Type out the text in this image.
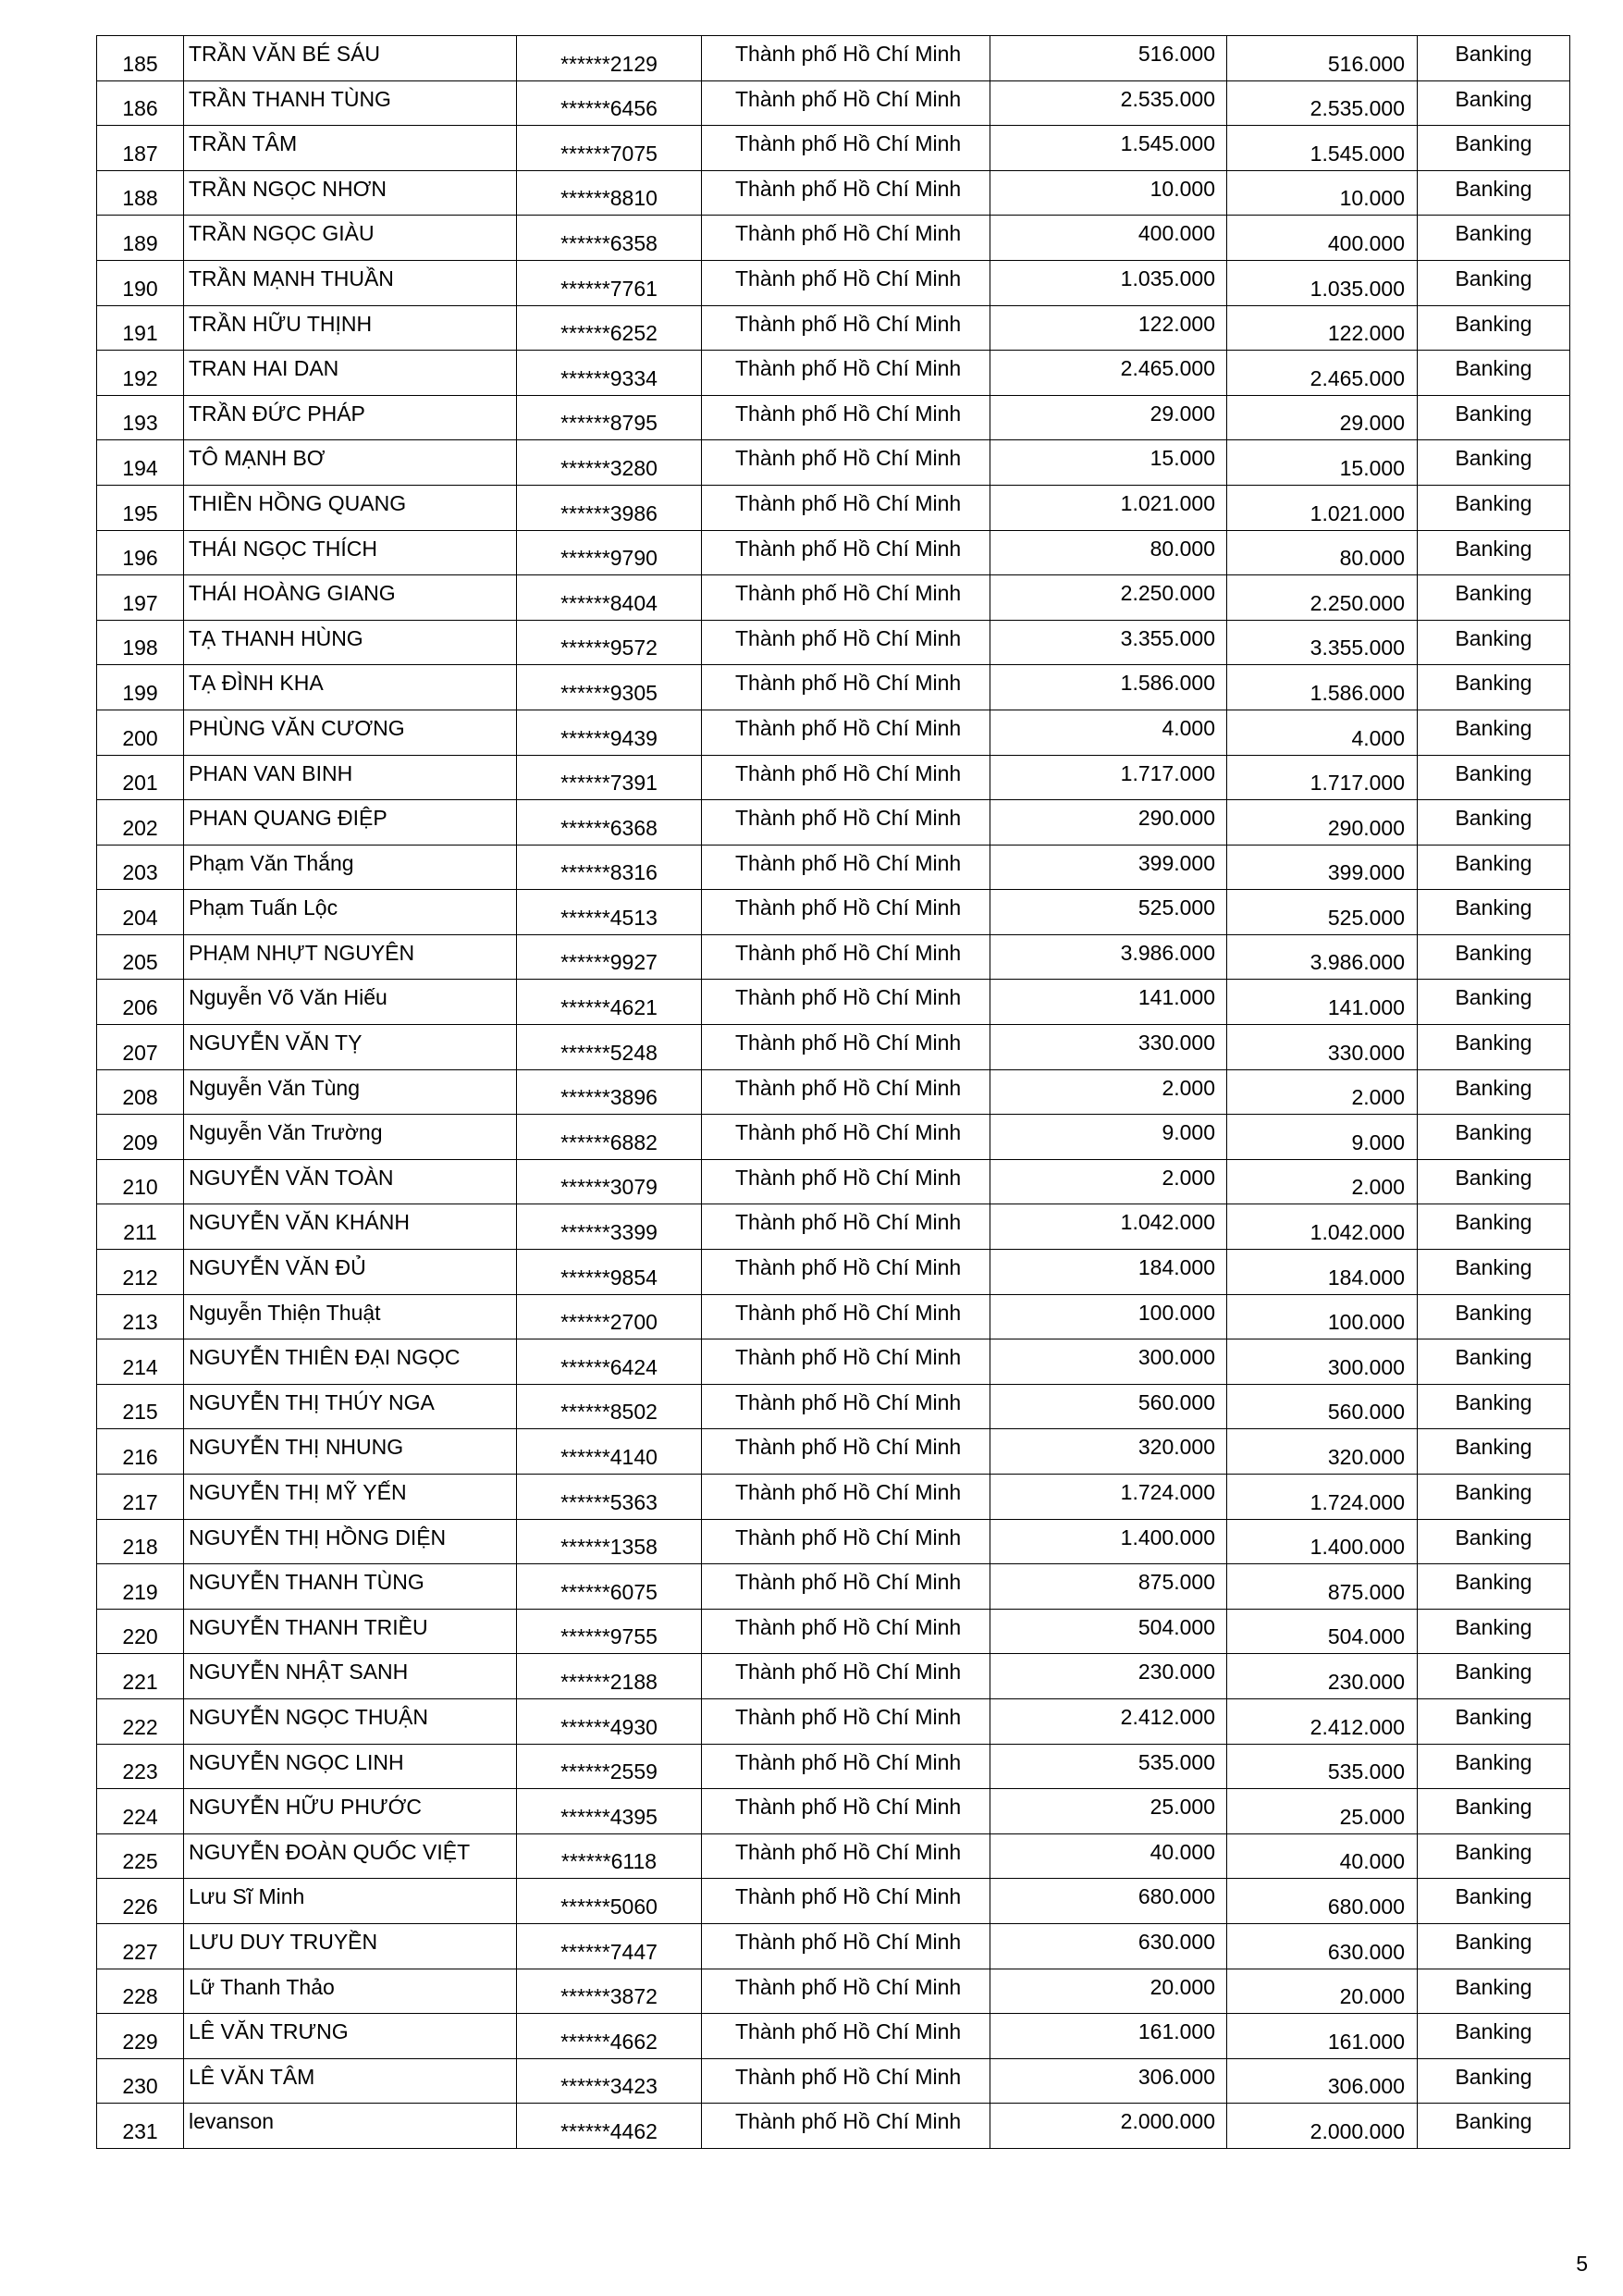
185	TRẦN VĂN BÉ SÁU	******2129	Thành phố Hồ Chí Minh	516.000	516.000	Banking
186	TRẦN THANH TÙNG	******6456	Thành phố Hồ Chí Minh	2.535.000	2.535.000	Banking
187	TRẦN TÂM	******7075	Thành phố Hồ Chí Minh	1.545.000	1.545.000	Banking
188	TRẦN NGỌC NHƠN	******8810	Thành phố Hồ Chí Minh	10.000	10.000	Banking
189	TRẦN NGỌC GIÀU	******6358	Thành phố Hồ Chí Minh	400.000	400.000	Banking
190	TRẦN MẠNH THUẦN	******7761	Thành phố Hồ Chí Minh	1.035.000	1.035.000	Banking
191	TRẦN HỮU THỊNH	******6252	Thành phố Hồ Chí Minh	122.000	122.000	Banking
192	TRAN HAI DAN	******9334	Thành phố Hồ Chí Minh	2.465.000	2.465.000	Banking
193	TRẦN ĐỨC PHÁP	******8795	Thành phố Hồ Chí Minh	29.000	29.000	Banking
194	TÔ MẠNH BƠ	******3280	Thành phố Hồ Chí Minh	15.000	15.000	Banking
195	THIỀN HỒNG QUANG	******3986	Thành phố Hồ Chí Minh	1.021.000	1.021.000	Banking
196	THÁI NGỌC THÍCH	******9790	Thành phố Hồ Chí Minh	80.000	80.000	Banking
197	THÁI HOÀNG GIANG	******8404	Thành phố Hồ Chí Minh	2.250.000	2.250.000	Banking
198	TẠ THANH HÙNG	******9572	Thành phố Hồ Chí Minh	3.355.000	3.355.000	Banking
199	TẠ ĐÌNH KHA	******9305	Thành phố Hồ Chí Minh	1.586.000	1.586.000	Banking
200	PHÙNG VĂN CƯƠNG	******9439	Thành phố Hồ Chí Minh	4.000	4.000	Banking
201	PHAN VAN BINH	******7391	Thành phố Hồ Chí Minh	1.717.000	1.717.000	Banking
202	PHAN QUANG ĐIỆP	******6368	Thành phố Hồ Chí Minh	290.000	290.000	Banking
203	Phạm Văn Thắng	******8316	Thành phố Hồ Chí Minh	399.000	399.000	Banking
204	Phạm Tuấn Lộc	******4513	Thành phố Hồ Chí Minh	525.000	525.000	Banking
205	PHẠM NHỰT NGUYÊN	******9927	Thành phố Hồ Chí Minh	3.986.000	3.986.000	Banking
206	Nguyễn Võ Văn Hiếu	******4621	Thành phố Hồ Chí Minh	141.000	141.000	Banking
207	NGUYỄN VĂN TỴ	******5248	Thành phố Hồ Chí Minh	330.000	330.000	Banking
208	Nguyễn Văn Tùng	******3896	Thành phố Hồ Chí Minh	2.000	2.000	Banking
209	Nguyễn Văn Trường	******6882	Thành phố Hồ Chí Minh	9.000	9.000	Banking
210	NGUYỄN VĂN TOÀN	******3079	Thành phố Hồ Chí Minh	2.000	2.000	Banking
211	NGUYỄN VĂN KHÁNH	******3399	Thành phố Hồ Chí Minh	1.042.000	1.042.000	Banking
212	NGUYỄN VĂN ĐỦ	******9854	Thành phố Hồ Chí Minh	184.000	184.000	Banking
213	Nguyễn Thiện Thuật	******2700	Thành phố Hồ Chí Minh	100.000	100.000	Banking
214	NGUYỄN THIÊN ĐẠI NGỌC	******6424	Thành phố Hồ Chí Minh	300.000	300.000	Banking
215	NGUYỄN THỊ THÚY NGA	******8502	Thành phố Hồ Chí Minh	560.000	560.000	Banking
216	NGUYỄN THỊ NHUNG	******4140	Thành phố Hồ Chí Minh	320.000	320.000	Banking
217	NGUYỄN THỊ MỸ YẾN	******5363	Thành phố Hồ Chí Minh	1.724.000	1.724.000	Banking
218	NGUYỄN THỊ HỒNG DIỆN	******1358	Thành phố Hồ Chí Minh	1.400.000	1.400.000	Banking
219	NGUYỄN THANH TÙNG	******6075	Thành phố Hồ Chí Minh	875.000	875.000	Banking
220	NGUYỄN THANH TRIỀU	******9755	Thành phố Hồ Chí Minh	504.000	504.000	Banking
221	NGUYỄN NHẬT SANH	******2188	Thành phố Hồ Chí Minh	230.000	230.000	Banking
222	NGUYỄN NGỌC THUẬN	******4930	Thành phố Hồ Chí Minh	2.412.000	2.412.000	Banking
223	NGUYỄN NGỌC LINH	******2559	Thành phố Hồ Chí Minh	535.000	535.000	Banking
224	NGUYỄN HỮU PHƯỚC	******4395	Thành phố Hồ Chí Minh	25.000	25.000	Banking
225	NGUYỄN ĐOÀN QUỐC VIỆT	******6118	Thành phố Hồ Chí Minh	40.000	40.000	Banking
226	Lưu Sĩ Minh	******5060	Thành phố Hồ Chí Minh	680.000	680.000	Banking
227	LƯU DUY TRUYỀN	******7447	Thành phố Hồ Chí Minh	630.000	630.000	Banking
228	Lữ Thanh Thảo	******3872	Thành phố Hồ Chí Minh	20.000	20.000	Banking
229	LÊ VĂN TRƯNG	******4662	Thành phố Hồ Chí Minh	161.000	161.000	Banking
230	LÊ VĂN TÂM	******3423	Thành phố Hồ Chí Minh	306.000	306.000	Banking
231	levanson	******4462	Thành phố Hồ Chí Minh	2.000.000	2.000.000	Banking
5
